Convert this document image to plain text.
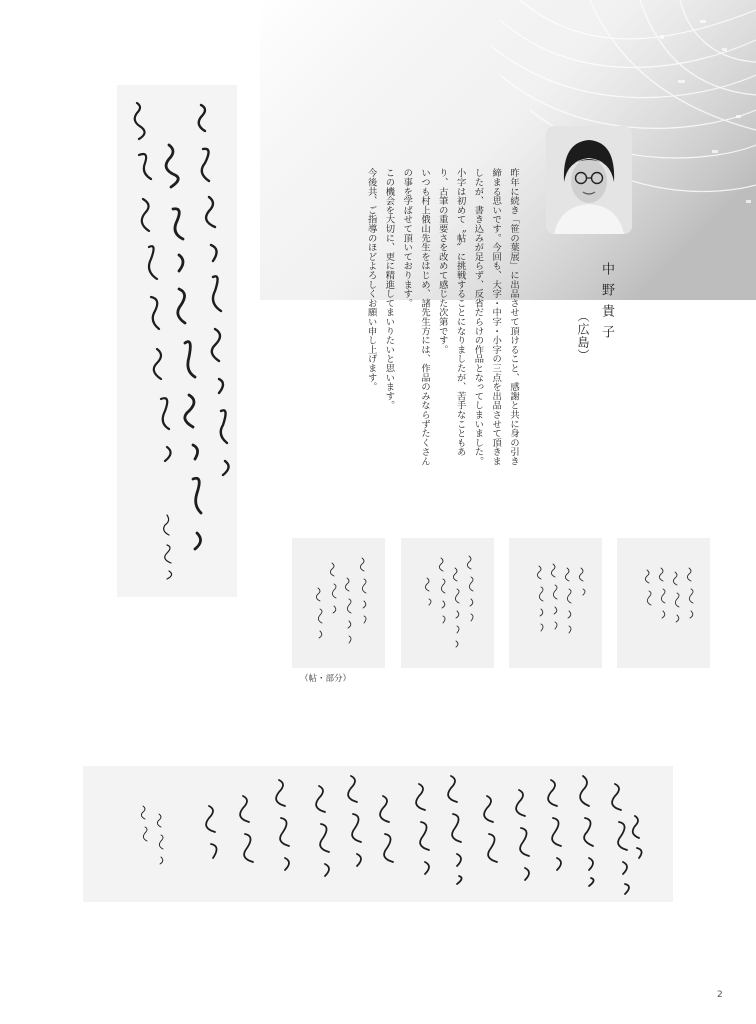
中野貴子
（広島）

昨年に続き「笹の葉展」に出品させて頂けること、感謝と共に身の引き締まる思いです。今回も、大字・中字・小字の三点を出品させて頂きましたが、書き込みが足らず、反省だらけの作品となってしまいました。小字は初めて〝帖〟に挑戦することになりましたが、苦手なこともあり、古筆の重要さを改めて感じた次第です。

いつも村上俄山先生をはじめ、諸先生方には、作品のみならずたくさんの事を学ばせて頂いております。

この機会を大切に、更に精進してまいりたいと思います。

今後共、ご指導のほどよろしくお願い申し上げます。

（帖・部分）
2
